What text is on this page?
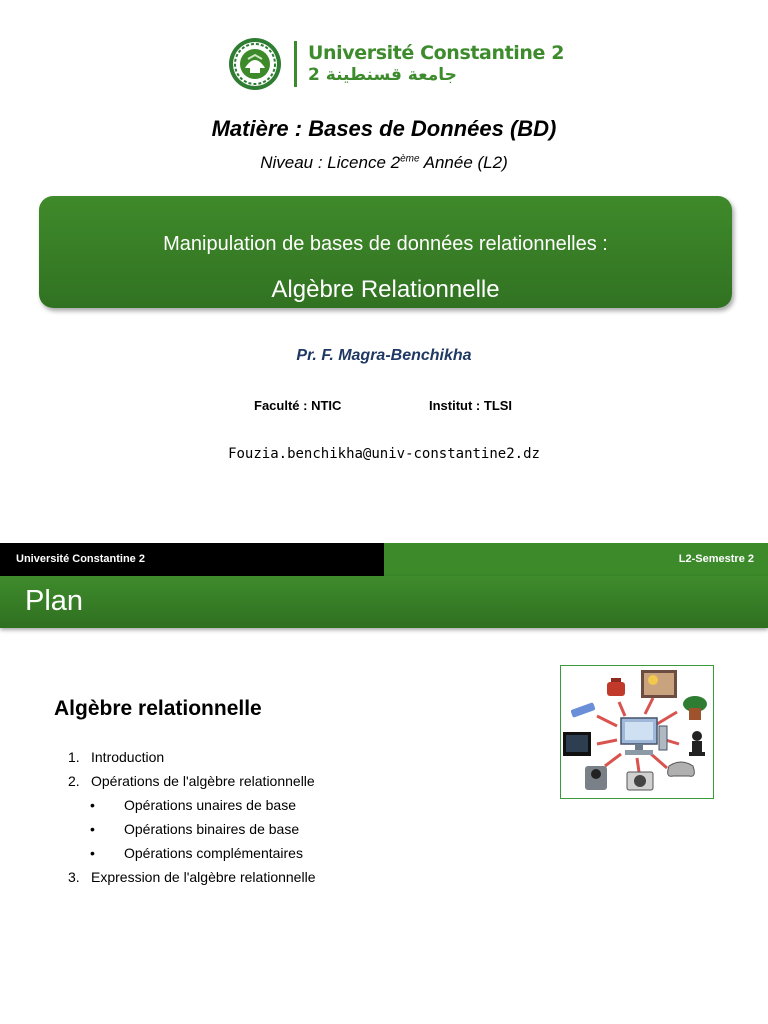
Université Constantine 2
جامعة قسنطينة 2
Matière : Bases de Données (BD)
Niveau : Licence 2ème Année (L2)
Manipulation de bases de données relationnelles :
Algèbre Relationnelle
Pr. F. Magra-Benchikha
Faculté : NTIC	Institut : TLSI
Fouzia.benchikha@univ-constantine2.dz
Université Constantine 2	L2-Semestre 2
Plan
Algèbre relationnelle
1. Introduction
2. Opérations de l'algèbre relationnelle
• Opérations unaires de base
• Opérations binaires de base
• Opérations complémentaires
3. Expression de l'algèbre relationnelle
